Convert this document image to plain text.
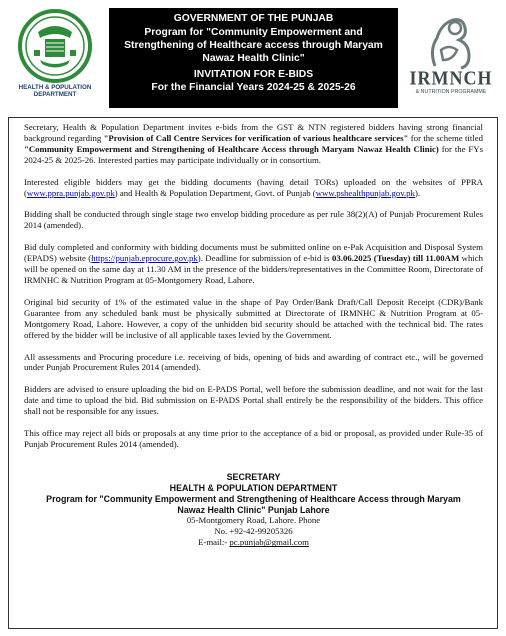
HEALTH & POPULATION DEPARTMENT
GOVERNMENT OF THE PUNJAB
Program for "Community Empowerment and
Strengthening of Healthcare access through Maryam
Nawaz Health Clinic"
INVITATION FOR E-BIDS
For the Financial Years 2024-25 & 2025-26	IRMNCH
& NUTRITION PROGRAMME

Secretary, Health & Population Department invites e-bids from the GST & NTN registered bidders having strong financial background regarding "Provision of Call Centre Services for verification of various healthcare services" for the scheme titled "Community Empowerment and Strengthening of Healthcare Access through Maryam Nawaz Health Clinic) for the FYs 2024-25 & 2025-26. Interested parties may participate individually or in consortium.

Interested eligible bidders may get the bidding documents (having detail TORs) uploaded on the websites of PPRA (www.ppra.punjab.gov.pk) and Health & Population Department, Govt. of Punjab (www.pshealthpunjab.gov.pk).

Bidding shall be conducted through single stage two envelop bidding procedure as per rule 38(2)(A) of Punjab Procurement Rules 2014 (amended).

Bid duly completed and conformity with bidding documents must be submitted online on e-Pak Acquisition and Disposal System (EPADS) website (https://punjab.eprocure.gov.pk). Deadline for submission of e-bid is 03.06.2025 (Tuesday) till 11.00AM which will be opened on the same day at 11.30 AM in the presence of the bidders/representatives in the Committee Room, Directorate of IRMNHC & Nutrition Program at 05-Montgomery Road, Lahore.

Original bid security of 1% of the estimated value in the shape of Pay Order/Bank Draft/Call Deposit Receipt (CDR)/Bank Guarantee from any scheduled bank must be physically submitted at Directorate of IRMNHC & Nutrition Program at 05-Montgomery Road, Lahore. However, a copy of the unhidden bid security should be attached with the technical bid. The rates offered by the bidder will be inclusive of all applicable taxes levied by the Government.

All assessments and Procuring procedure i.e. receiving of bids, opening of bids and awarding of contract etc., will be governed under Punjab Procurement Rules 2014 (amended).

Bidders are advised to ensure uploading the bid on E-PADS Portal, well before the submission deadline, and not wait for the last date and time to upload the bid. Bid submission on E-PADS Portal shall entirely be the responsibility of the bidders. This office shall not be responsible for any issues.

This office may reject all bids or proposals at any time prior to the acceptance of a bid or proposal, as provided under Rule-35 of Punjab Procurement Rules 2014 (amended).

SECRETARY
HEALTH & POPULATION DEPARTMENT
Program for "Community Empowerment and Strengthening of Healthcare Access through Maryam
Nawaz Health Clinic" Punjab Lahore
05-Montgomery Road, Lahore. Phone
No. +92-42-99205326
E-mail:- pc.punjab@gmail.com
